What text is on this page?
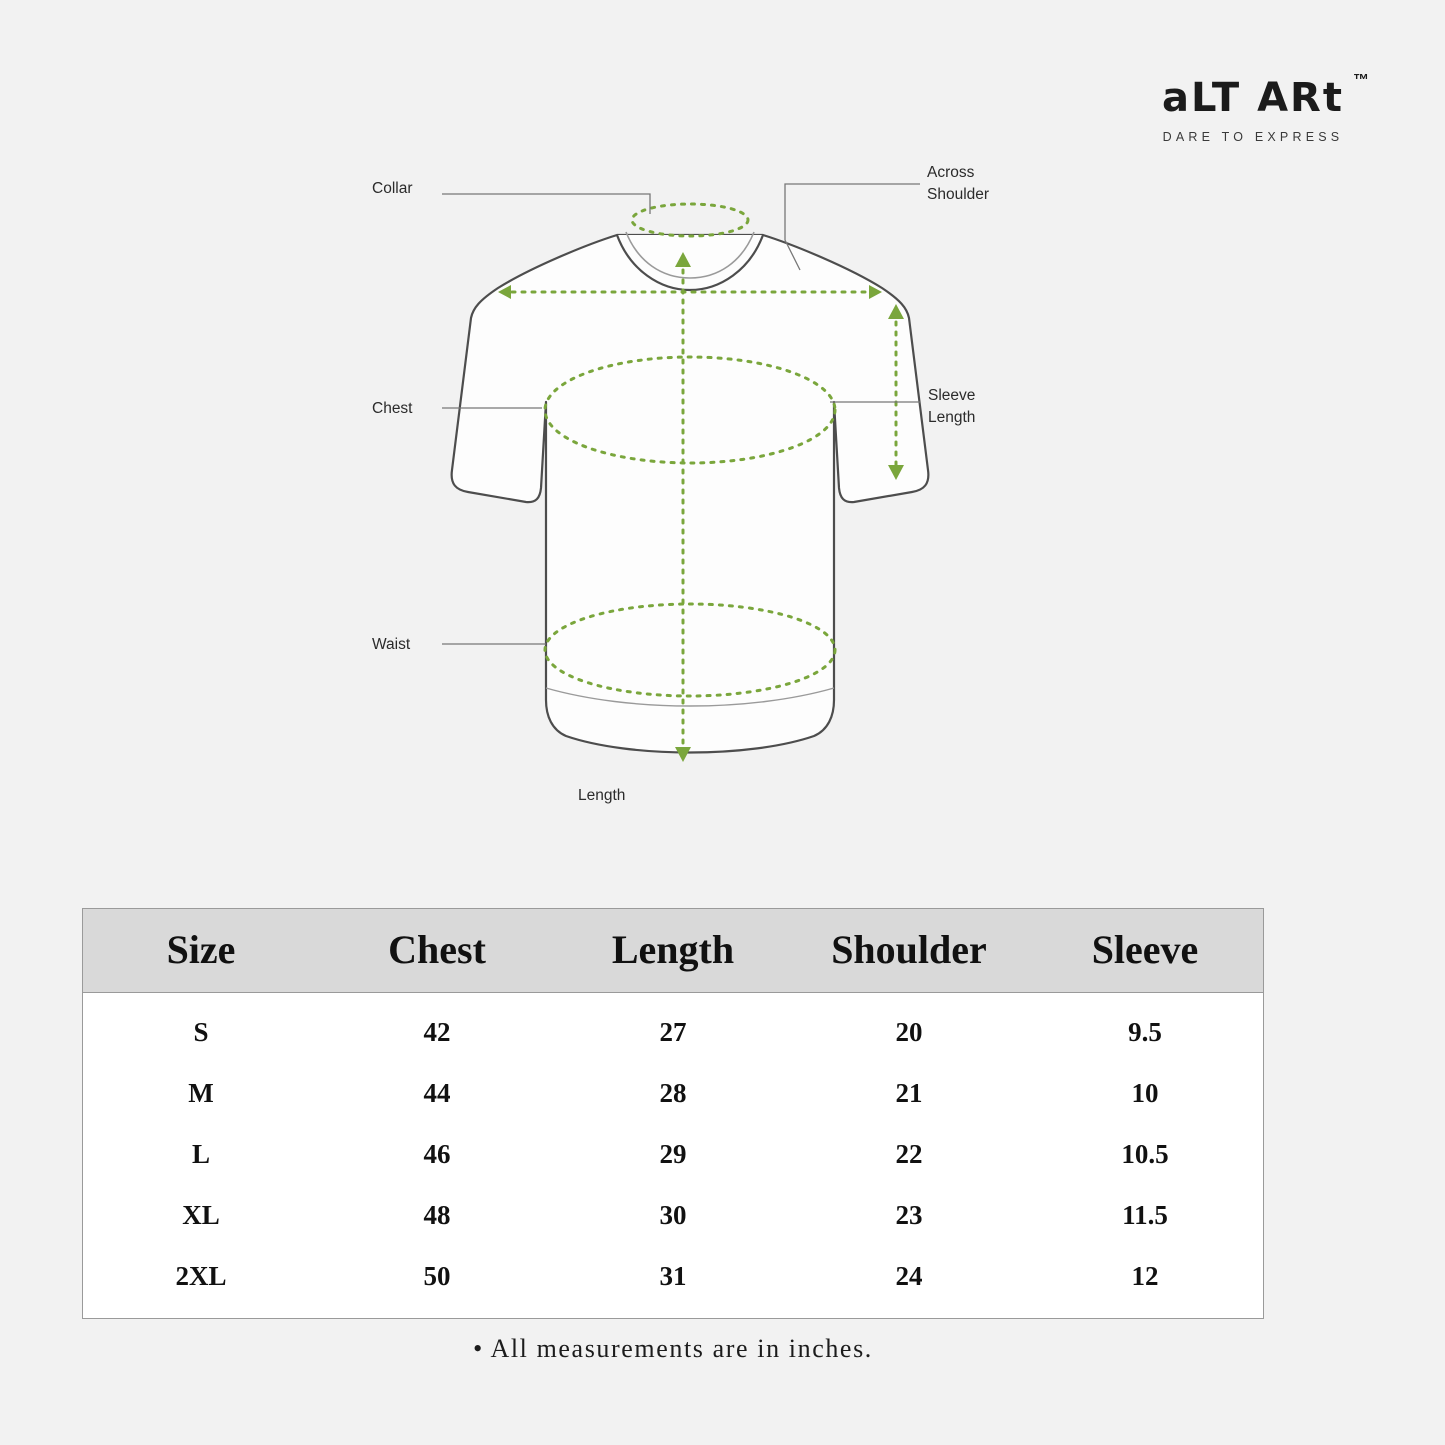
aLT ARt ™
DARE TO EXPRESS
Collar
Across
Shoulder
Chest
Sleeve
Length
Waist
Length
Size	Chest	Length	Shoulder	Sleeve
S	42	27	20	9.5
M	44	28	21	10
L	46	29	22	10.5
XL	48	30	23	11.5
2XL	50	31	24	12
• All measurements are in inches.
